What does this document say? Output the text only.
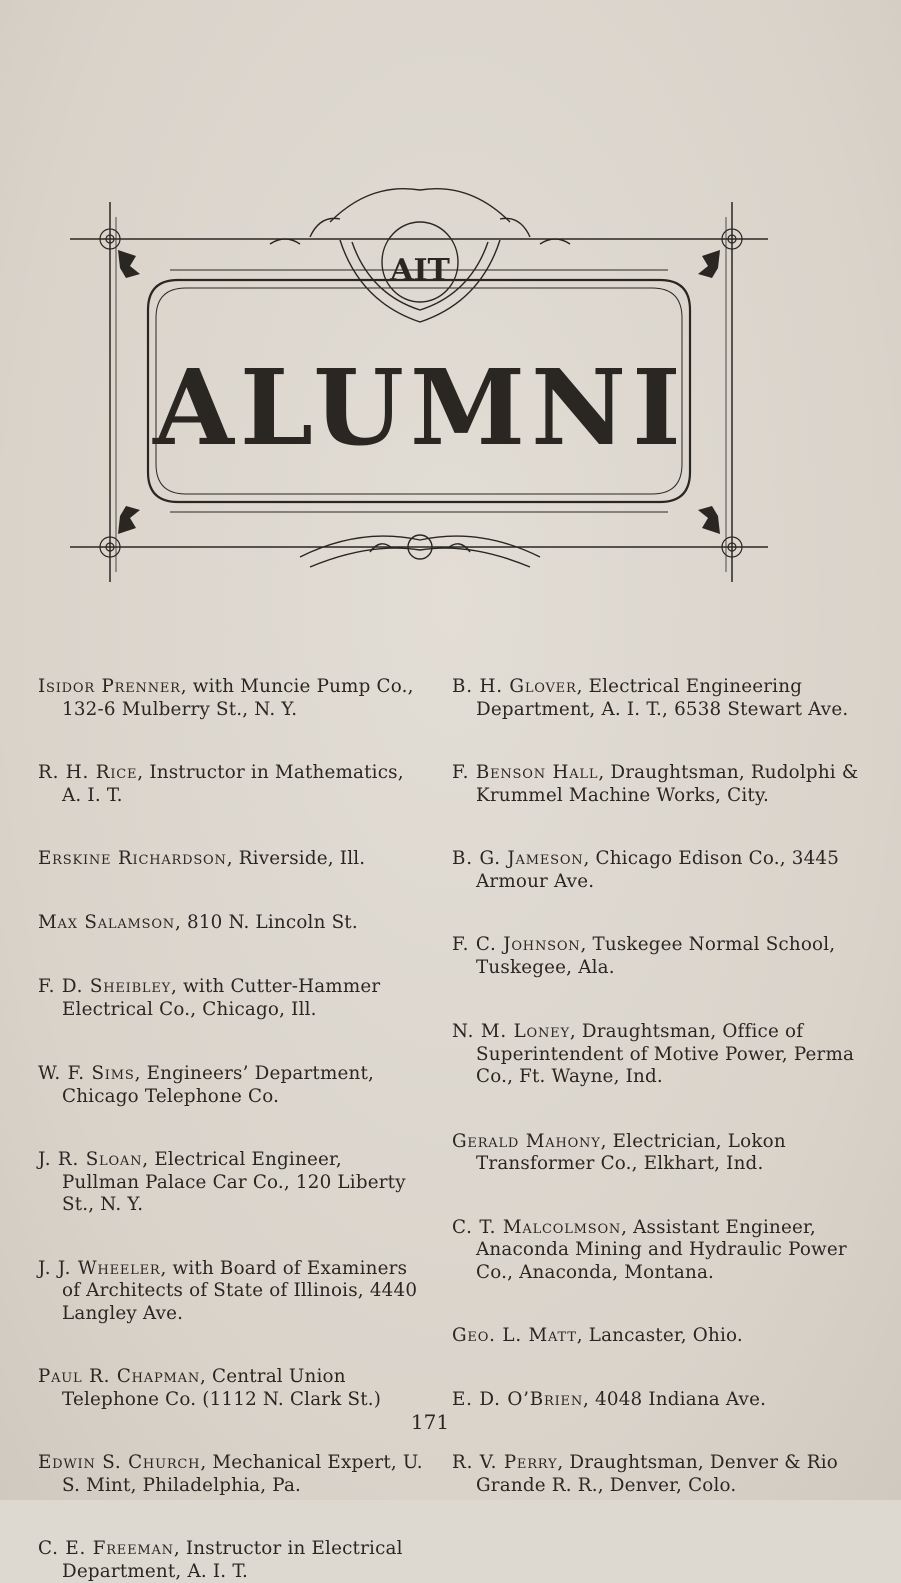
AIT
ALUMNI

Isidor Prenner, with Muncie Pump Co., 132-6 Mulberry St., N. Y.

R. H. Rice, Instructor in Mathematics, A. I. T.

Erskine Richardson, Riverside, Ill.

Max Salamson, 810 N. Lincoln St.

F. D. Sheibley, with Cutter-Hammer Electrical Co., Chicago, Ill.

W. F. Sims, Engineers’ Department, Chicago Telephone Co.

J. R. Sloan, Electrical Engineer, Pullman Palace Car Co., 120 Liberty St., N. Y.

J. J. Wheeler, with Board of Examiners of Architects of State of Illinois, 4440 Langley Ave.

Paul R. Chapman, Central Union Telephone Co. (1112 N. Clark St.)

Edwin S. Church, Mechanical Expert, U. S. Mint, Philadelphia, Pa.

C. E. Freeman, Instructor in Electrical Department, A. I. T.

B. H. Glover, Electrical Engineering Department, A. I. T., 6538 Stewart Ave.

F. Benson Hall, Draughtsman, Rudolphi & Krummel Machine Works, City.

B. G. Jameson, Chicago Edison Co., 3445 Armour Ave.

F. C. Johnson, Tuskegee Normal School, Tuskegee, Ala.

N. M. Loney, Draughtsman, Office of Superintendent of Motive Power, Perma Co., Ft. Wayne, Ind.

Gerald Mahony, Electrician, Lokon Transformer Co., Elkhart, Ind.

C. T. Malcolmson, Assistant Engineer, Anaconda Mining and Hydraulic Power Co., Anaconda, Montana.

Geo. L. Matt, Lancaster, Ohio.

E. D. O’Brien, 4048 Indiana Ave.

R. V. Perry, Draughtsman, Denver & Rio Grande R. R., Denver, Colo.

171
